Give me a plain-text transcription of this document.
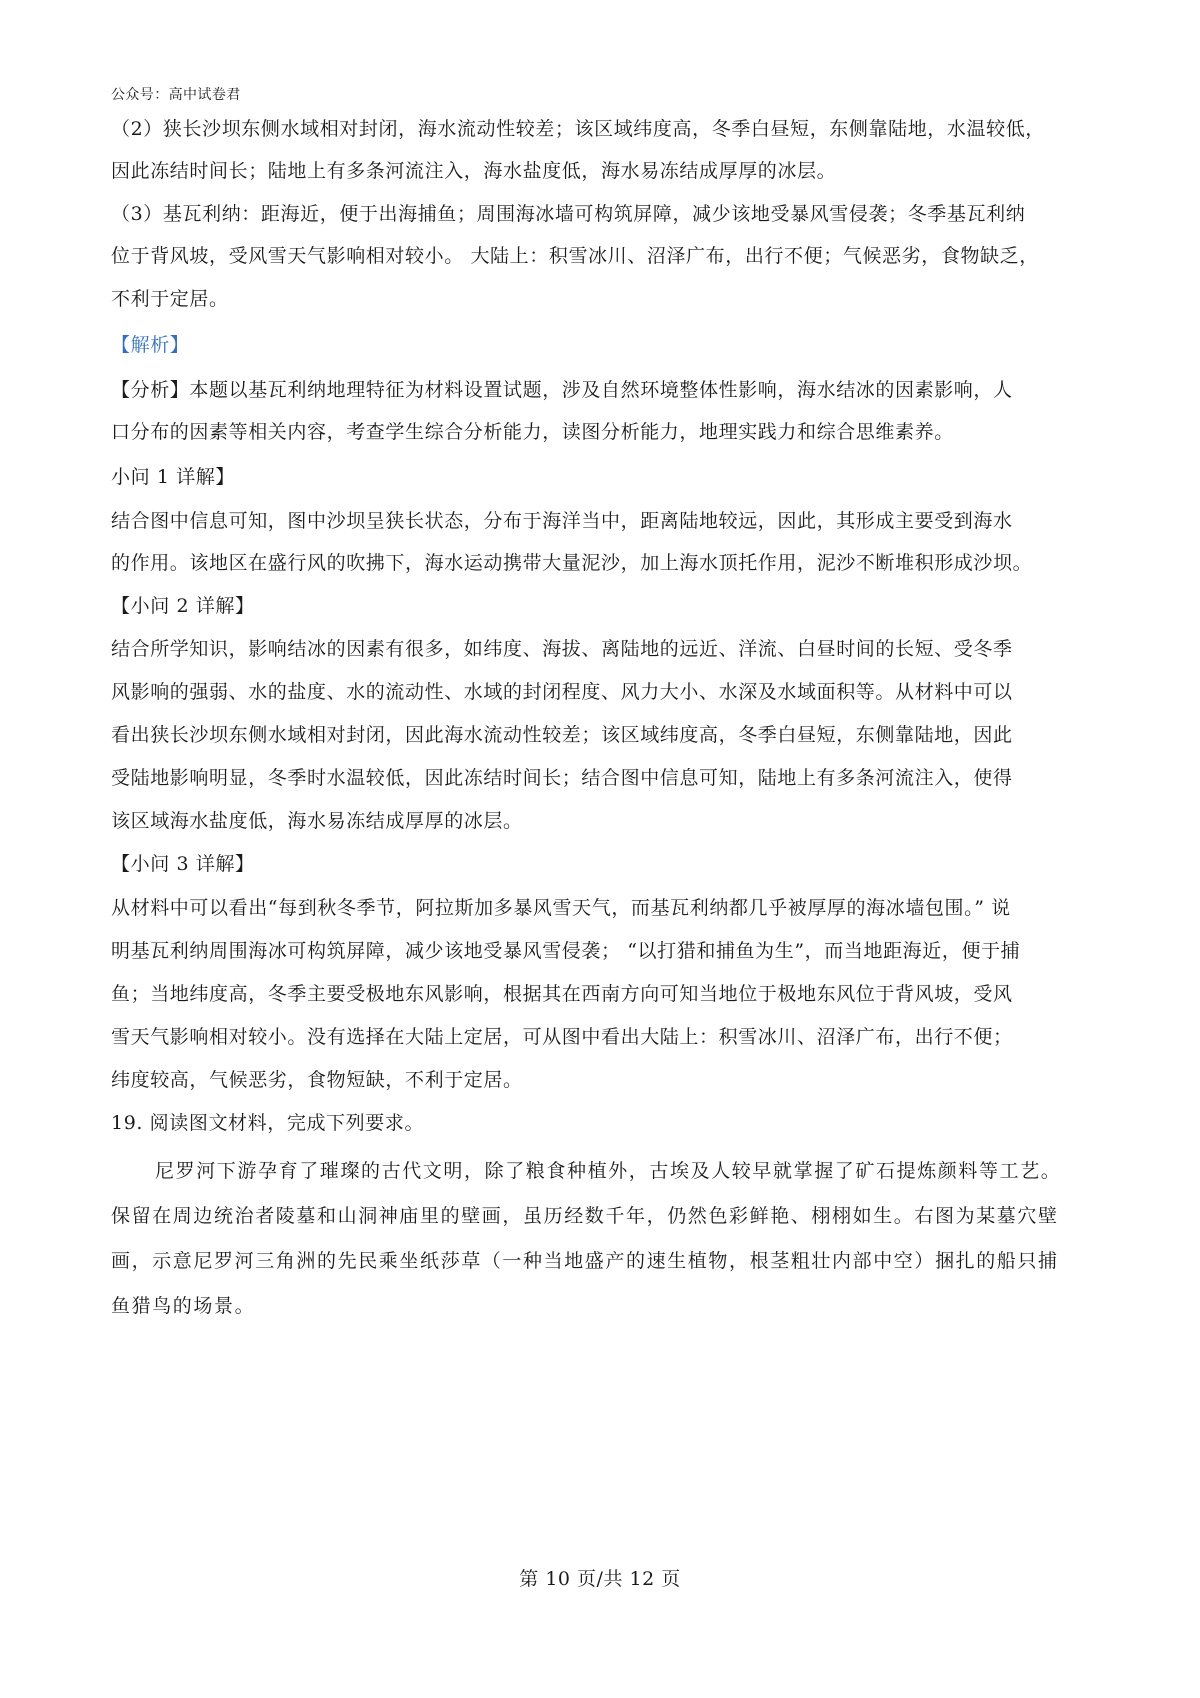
公众号：高中试卷君
（2）狭长沙坝东侧水域相对封闭，海水流动性较差；该区域纬度高，冬季白昼短，东侧靠陆地，水温较低，
因此冻结时间长；陆地上有多条河流注入，海水盐度低，海水易冻结成厚厚的冰层。
（3）基瓦利纳：距海近，便于出海捕鱼；周围海冰墙可构筑屏障，减少该地受暴风雪侵袭；冬季基瓦利纳
位于背风坡，受风雪天气影响相对较小。 大陆上：积雪冰川、沼泽广布，出行不便；气候恶劣，食物缺乏，
不利于定居。
【解析】
【分析】本题以基瓦利纳地理特征为材料设置试题，涉及自然环境整体性影响，海水结冰的因素影响，人
口分布的因素等相关内容，考查学生综合分析能力，读图分析能力，地理实践力和综合思维素养。
小问 1 详解】
结合图中信息可知，图中沙坝呈狭长状态，分布于海洋当中，距离陆地较远，因此，其形成主要受到海水
的作用。该地区在盛行风的吹拂下，海水运动携带大量泥沙，加上海水顶托作用，泥沙不断堆积形成沙坝。
【小问 2 详解】
结合所学知识，影响结冰的因素有很多，如纬度、海拔、离陆地的远近、洋流、白昼时间的长短、受冬季
风影响的强弱、水的盐度、水的流动性、水域的封闭程度、风力大小、水深及水域面积等。从材料中可以
看出狭长沙坝东侧水域相对封闭，因此海水流动性较差；该区域纬度高，冬季白昼短，东侧靠陆地，因此
受陆地影响明显，冬季时水温较低，因此冻结时间长；结合图中信息可知，陆地上有多条河流注入，使得
该区域海水盐度低，海水易冻结成厚厚的冰层。
【小问 3 详解】
从材料中可以看出“每到秋冬季节，阿拉斯加多暴风雪天气，而基瓦利纳都几乎被厚厚的海冰墙包围。” 说
明基瓦利纳周围海冰可构筑屏障，减少该地受暴风雪侵袭； “以打猎和捕鱼为生”，而当地距海近，便于捕
鱼；当地纬度高，冬季主要受极地东风影响，根据其在西南方向可知当地位于极地东风位于背风坡，受风
雪天气影响相对较小。没有选择在大陆上定居，可从图中看出大陆上：积雪冰川、沼泽广布，出行不便；
纬度较高，气候恶劣，食物短缺，不利于定居。
19. 阅读图文材料，完成下列要求。
尼罗河下游孕育了璀璨的古代文明，除了粮食种植外，古埃及人较早就掌握了矿石提炼颜料等工艺。
保留在周边统治者陵墓和山洞神庙里的壁画，虽历经数千年，仍然色彩鲜艳、栩栩如生。右图为某墓穴壁
画，示意尼罗河三角洲的先民乘坐纸莎草（一种当地盛产的速生植物，根茎粗壮内部中空）捆扎的船只捕
鱼猎鸟的场景。
第 10 页/共 12 页
